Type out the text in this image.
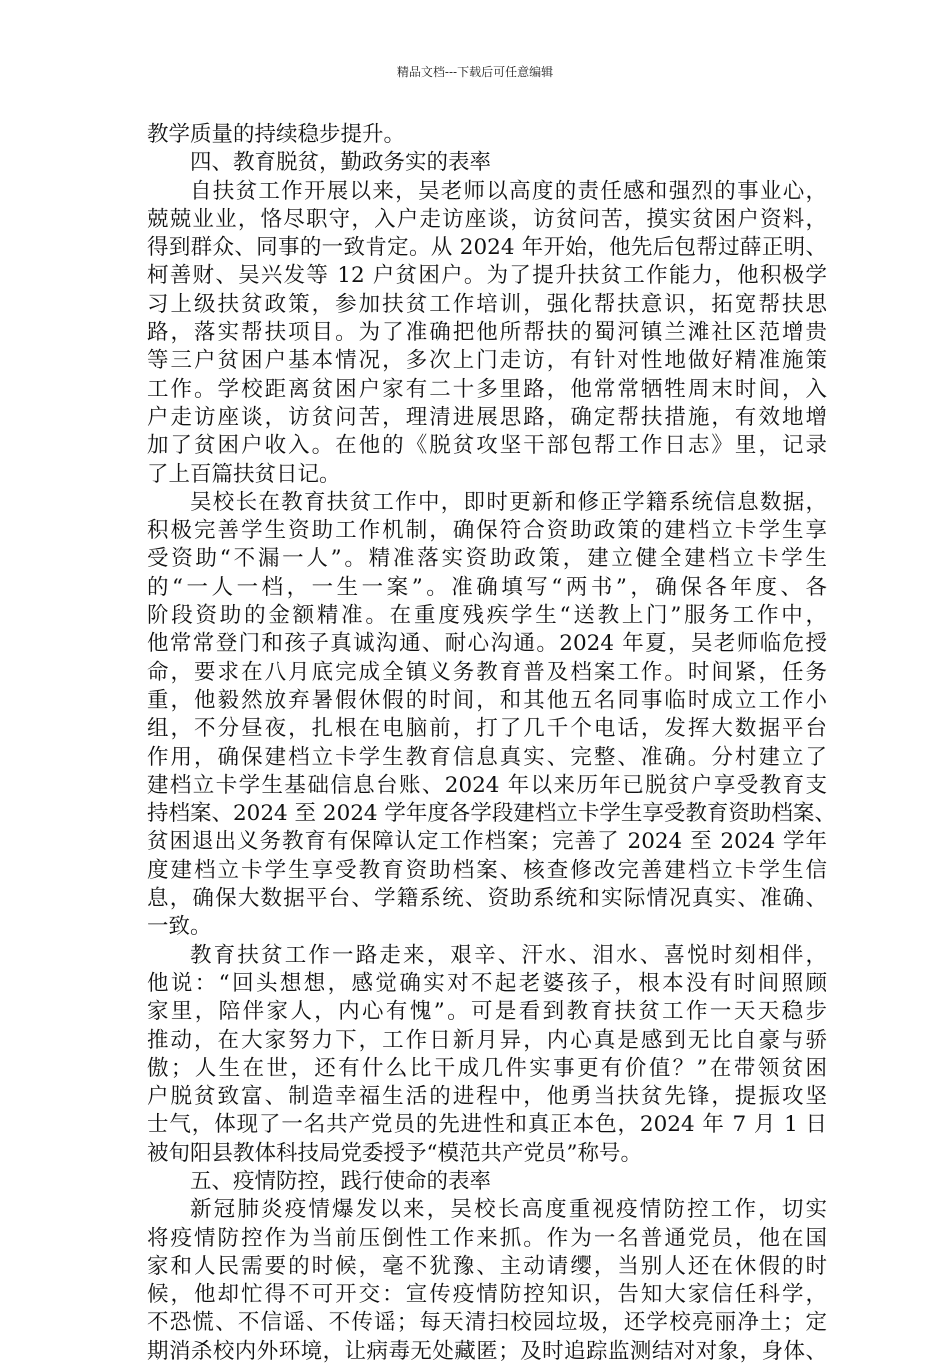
精品文档---下载后可任意编辑
教学质量的持续稳步提升。
四、教育脱贫，勤政务实的表率
自扶贫工作开展以来，吴老师以高度的责任感和强烈的事业心，
兢兢业业，恪尽职守，入户走访座谈，访贫问苦，摸实贫困户资料，
得到群众、同事的一致肯定。从 2024 年开始，他先后包帮过薛正明、
柯善财、吴兴发等 12 户贫困户。为了提升扶贫工作能力，他积极学
习上级扶贫政策，参加扶贫工作培训，强化帮扶意识，拓宽帮扶思
路，落实帮扶项目。为了准确把他所帮扶的蜀河镇兰滩社区范增贵
等三户贫困户基本情况，多次上门走访，有针对性地做好精准施策
工作。学校距离贫困户家有二十多里路，他常常牺牲周末时间，入
户走访座谈，访贫问苦，理清进展思路，确定帮扶措施，有效地增
加了贫困户收入。在他的《脱贫攻坚干部包帮工作日志》里，记录
了上百篇扶贫日记。
吴校长在教育扶贫工作中，即时更新和修正学籍系统信息数据，
积极完善学生资助工作机制，确保符合资助政策的建档立卡学生享
受资助“不漏一人”。精准落实资助政策，建立健全建档立卡学生
的“一人一档，一生一案”。准确填写“两书”，确保各年度、各
阶段资助的金额精准。在重度残疾学生“送教上门”服务工作中，
他常常登门和孩子真诚沟通、耐心沟通。2024 年夏，吴老师临危授
命，要求在八月底完成全镇义务教育普及档案工作。时间紧，任务
重，他毅然放弃暑假休假的时间，和其他五名同事临时成立工作小
组，不分昼夜，扎根在电脑前，打了几千个电话，发挥大数据平台
作用，确保建档立卡学生教育信息真实、完整、准确。分村建立了
建档立卡学生基础信息台账、2024 年以来历年已脱贫户享受教育支
持档案、2024 至 2024 学年度各学段建档立卡学生享受教育资助档案、
贫困退出义务教育有保障认定工作档案；完善了 2024 至 2024 学年
度建档立卡学生享受教育资助档案、核查修改完善建档立卡学生信
息，确保大数据平台、学籍系统、资助系统和实际情况真实、准确、
一致。
教育扶贫工作一路走来，艰辛、汗水、泪水、喜悦时刻相伴，
他说：“回头想想，感觉确实对不起老婆孩子，根本没有时间照顾
家里，陪伴家人，内心有愧”。可是看到教育扶贫工作一天天稳步
推动，在大家努力下，工作日新月异，内心真是感到无比自豪与骄
傲；人生在世，还有什么比干成几件实事更有价值？”在带领贫困
户脱贫致富、制造幸福生活的进程中，他勇当扶贫先锋，提振攻坚
士气，体现了一名共产党员的先进性和真正本色，2024 年 7 月 1 日
被旬阳县教体科技局党委授予“模范共产党员”称号。
五、疫情防控，践行使命的表率
新冠肺炎疫情爆发以来，吴校长高度重视疫情防控工作，切实
将疫情防控作为当前压倒性工作来抓。作为一名普通党员，他在国
家和人民需要的时候，毫不犹豫、主动请缨，当别人还在休假的时
候，他却忙得不可开交：宣传疫情防控知识，告知大家信任科学，
不恐慌、不信谣、不传谣；每天清扫校园垃圾，还学校亮丽净土；定
期消杀校内外环境，让病毒无处藏匿；及时追踪监测结对对象，身体、
